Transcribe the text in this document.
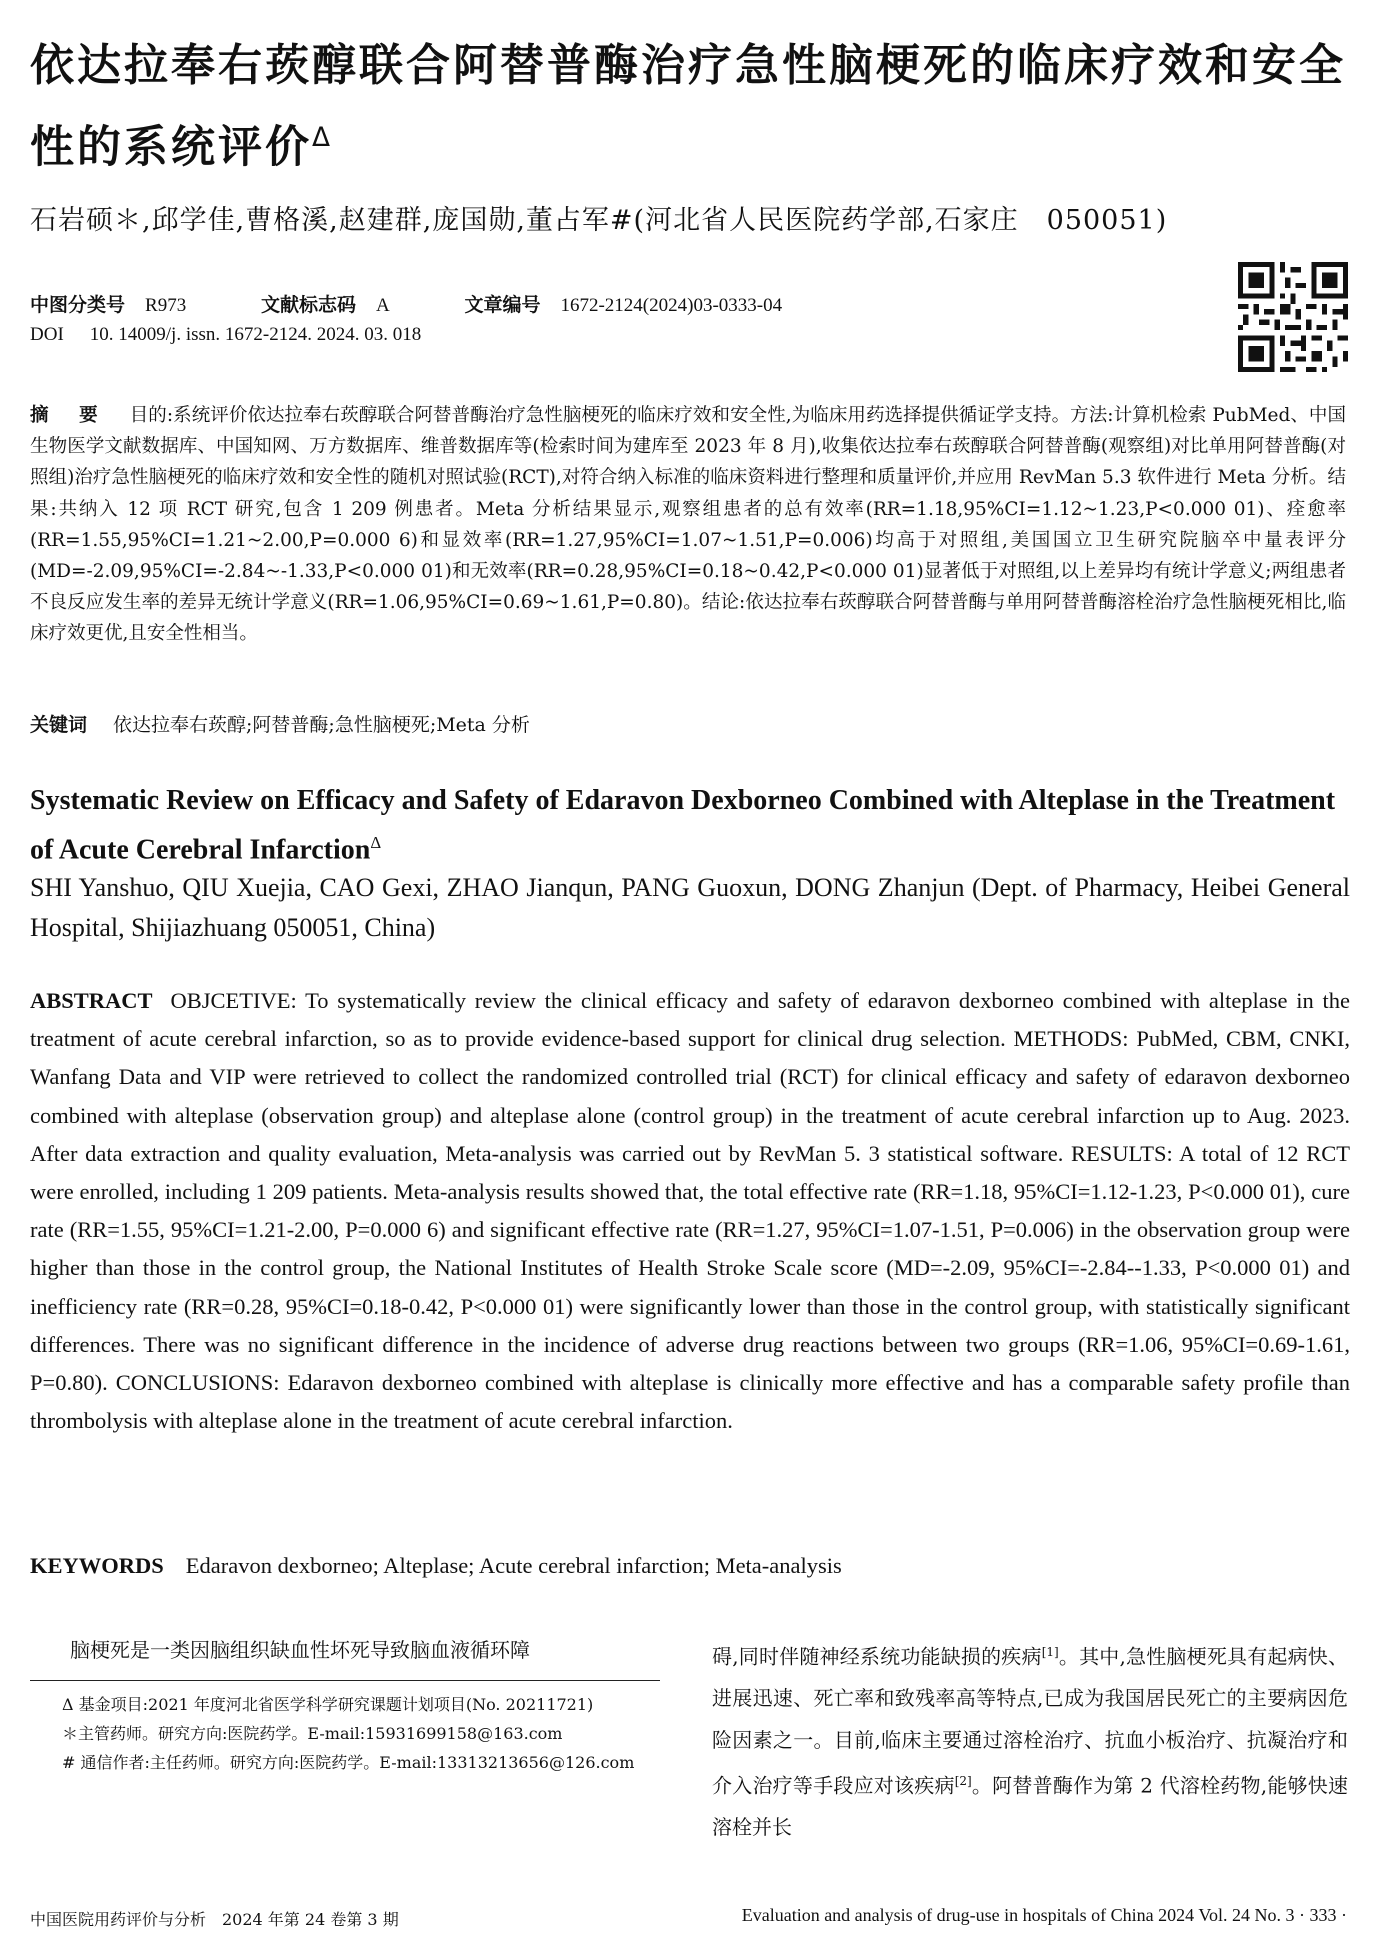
依达拉奉右莰醇联合阿替普酶治疗急性脑梗死的临床疗效和安全性的系统评价$^\Delta$
石岩硕＊,邱学佳,曹格溪,赵建群,庞国勋,董占军#(河北省人民医院药学部,石家庄　050051)
中图分类号 R973	文献标志码 A	文章编号 1672-2124(2024)03-0333-04
DOI 10. 14009/j. issn. 1672-2124. 2024. 03. 018
摘　要 目的:系统评价依达拉奉右莰醇联合阿替普酶治疗急性脑梗死的临床疗效和安全性,为临床用药选择提供循证学支持。方法:计算机检索 PubMed、中国生物医学文献数据库、中国知网、万方数据库、维普数据库等(检索时间为建库至 2023 年 8 月),收集依达拉奉右莰醇联合阿替普酶(观察组)对比单用阿替普酶(对照组)治疗急性脑梗死的临床疗效和安全性的随机对照试验(RCT),对符合纳入标准的临床资料进行整理和质量评价,并应用 RevMan 5.3 软件进行 Meta 分析。结果:共纳入 12 项 RCT 研究,包含 1 209 例患者。Meta 分析结果显示,观察组患者的总有效率(RR=1.18,95%CI=1.12~1.23,P<0.000 01)、痊愈率(RR=1.55,95%CI=1.21~2.00,P=0.000 6)和显效率(RR=1.27,95%CI=1.07~1.51,P=0.006)均高于对照组,美国国立卫生研究院脑卒中量表评分(MD=-2.09,95%CI=-2.84~-1.33,P<0.000 01)和无效率(RR=0.28,95%CI=0.18~0.42,P<0.000 01)显著低于对照组,以上差异均有统计学意义;两组患者不良反应发生率的差异无统计学意义(RR=1.06,95%CI=0.69~1.61,P=0.80)。结论:依达拉奉右莰醇联合阿替普酶与单用阿替普酶溶栓治疗急性脑梗死相比,临床疗效更优,且安全性相当。
关键词 依达拉奉右莰醇;阿替普酶;急性脑梗死;Meta 分析
Systematic Review on Efficacy and Safety of Edaravon Dexborneo Combined with Alteplase in the Treatment of Acute Cerebral Infarction$^\Delta$
SHI Yanshuo, QIU Xuejia, CAO Gexi, ZHAO Jianqun, PANG Guoxun, DONG Zhanjun (Dept. of Pharmacy, Heibei General Hospital, Shijiazhuang 050051, China)
ABSTRACT OBJCETIVE: To systematically review the clinical efficacy and safety of edaravon dexborneo combined with alteplase in the treatment of acute cerebral infarction, so as to provide evidence-based support for clinical drug selection. METHODS: PubMed, CBM, CNKI, Wanfang Data and VIP were retrieved to collect the randomized controlled trial (RCT) for clinical efficacy and safety of edaravon dexborneo combined with alteplase (observation group) and alteplase alone (control group) in the treatment of acute cerebral infarction up to Aug. 2023. After data extraction and quality evaluation, Meta-analysis was carried out by RevMan 5. 3 statistical software. RESULTS: A total of 12 RCT were enrolled, including 1 209 patients. Meta-analysis results showed that, the total effective rate (RR=1.18, 95%CI=1.12-1.23, P<0.000 01), cure rate (RR=1.55, 95%CI=1.21-2.00, P=0.000 6) and significant effective rate (RR=1.27, 95%CI=1.07-1.51, P=0.006) in the observation group were higher than those in the control group, the National Institutes of Health Stroke Scale score (MD=-2.09, 95%CI=-2.84--1.33, P<0.000 01) and inefficiency rate (RR=0.28, 95%CI=0.18-0.42, P<0.000 01) were significantly lower than those in the control group, with statistically significant differences. There was no significant difference in the incidence of adverse drug reactions between two groups (RR=1.06, 95%CI=0.69-1.61, P=0.80). CONCLUSIONS: Edaravon dexborneo combined with alteplase is clinically more effective and has a comparable safety profile than thrombolysis with alteplase alone in the treatment of acute cerebral infarction.
KEYWORDS Edaravon dexborneo; Alteplase; Acute cerebral infarction; Meta-analysis
脑梗死是一类因脑组织缺血性坏死导致脑血液循环障

Δ 基金项目:2021 年度河北省医学科学研究课题计划项目(No. 20211721)

＊主管药师。研究方向:医院药学。E-mail:15931699158@163.com

# 通信作者:主任药师。研究方向:医院药学。E-mail:13313213656@126.com

碍,同时伴随神经系统功能缺损的疾病[1]。其中,急性脑梗死具有起病快、进展迅速、死亡率和致残率高等特点,已成为我国居民死亡的主要病因危险因素之一。目前,临床主要通过溶栓治疗、抗血小板治疗、抗凝治疗和介入治疗等手段应对该疾病[2]。阿替普酶作为第 2 代溶栓药物,能够快速溶栓并长
中国医院用药评价与分析　2024 年第 24 卷第 3 期	Evaluation and analysis of drug-use in hospitals of China 2024 Vol. 24 No. 3 · 333 ·
